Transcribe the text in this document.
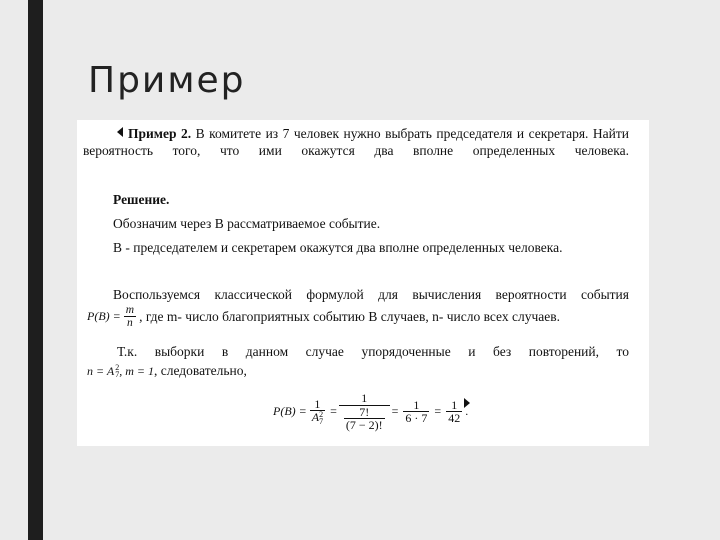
Пример

Пример 2. В комитете из 7 человек нужно выбрать председателя и секретаря. Найти вероятность того, что ими окажутся два вполне определенных человека.

Решение.

Обозначим через В рассматриваемое событие.

В - председателем и секретарем окажутся два вполне определенных человека.

Воспользуемся классической формулой для вычисления вероятности события

$P(B) = \frac{m}{n}$ , где m- число благоприятных событию В случаев, n- число всех случаев.

Т.к. выборки в данном случае упорядоченные и без повторений, то

n = A 2
7 , m = 1 , следовательно,
P(B) = 1
A 2
$7 = \frac{1}{\frac{7!}{(7 - 2)!}} = \frac{1}{6 \cdot 7} = \frac{1}{42}$ .
